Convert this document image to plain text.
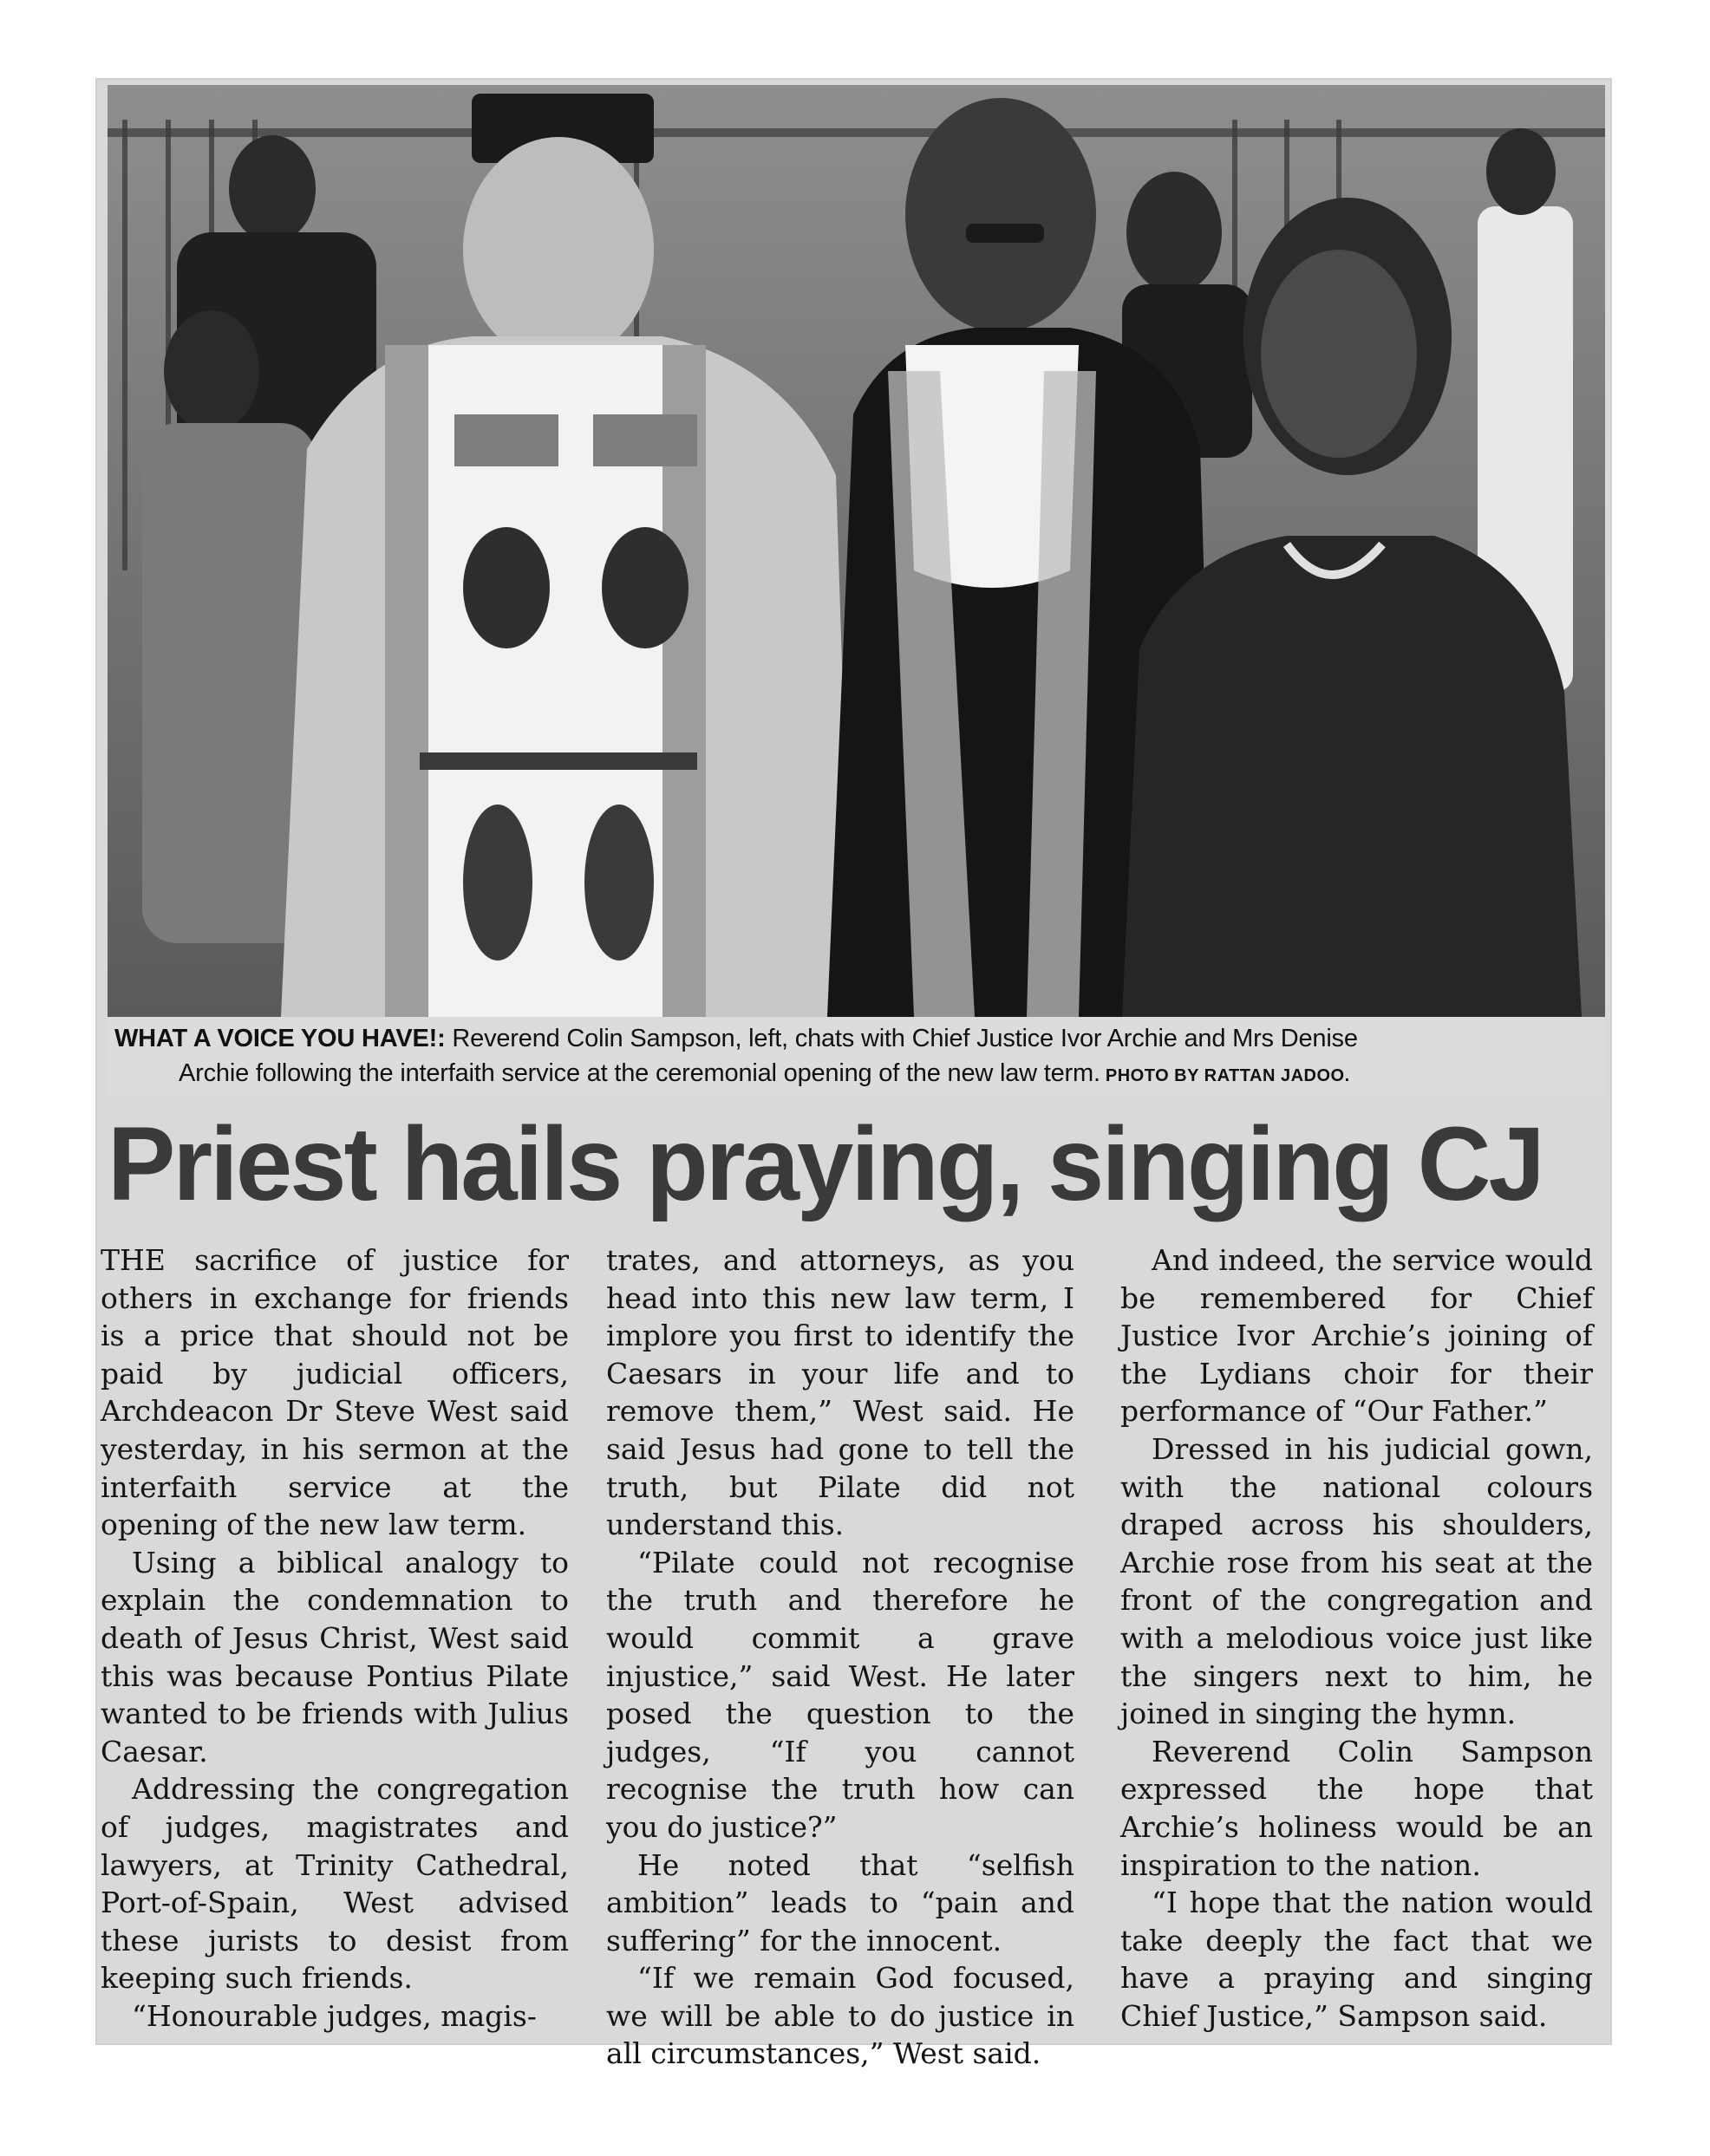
WHAT A VOICE YOU HAVE!: Reverend Colin Sampson, left, chats with Chief Justice Ivor Archie and Mrs Denise
Archie following the interfaith service at the ceremonial opening of the new law term. PHOTO BY RATTAN JADOO.
Priest hails praying, singing CJ

THE sacrifice of justice for others in exchange for friends is a price that should not be paid by judicial officers, Archdeacon Dr Steve West said yesterday, in his sermon at the interfaith service at the opening of the new law term.

Using a biblical analogy to explain the condemnation to death of Jesus Christ, West said this was because Pontius Pilate wanted to be friends with Julius Caesar.

Addressing the congregation of judges, magistrates and lawyers, at Trinity Cathedral, Port-of-Spain, West advised these jurists to desist from keeping such friends.

“Honourable judges, magis-

trates, and attorneys, as you head into this new law term, I implore you first to identify the Caesars in your life and to remove them,” West said. He said Jesus had gone to tell the truth, but Pilate did not understand this.

“Pilate could not recognise the truth and therefore he would commit a grave injustice,” said West. He later posed the question to the judges, “If you cannot recognise the truth how can you do justice?”

He noted that “selfish ambition” leads to “pain and suffering” for the innocent.

“If we remain God focused, we will be able to do justice in all circumstances,” West said.

And indeed, the service would be remembered for Chief Justice Ivor Archie’s joining of the Lydians choir for their performance of “Our Father.”

Dressed in his judicial gown, with the national colours draped across his shoulders, Archie rose from his seat at the front of the congregation and with a melodious voice just like the singers next to him, he joined in singing the hymn.

Reverend Colin Sampson expressed the hope that Archie’s holiness would be an inspiration to the nation.

“I hope that the nation would take deeply the fact that we have a praying and singing Chief Justice,” Sampson said.
